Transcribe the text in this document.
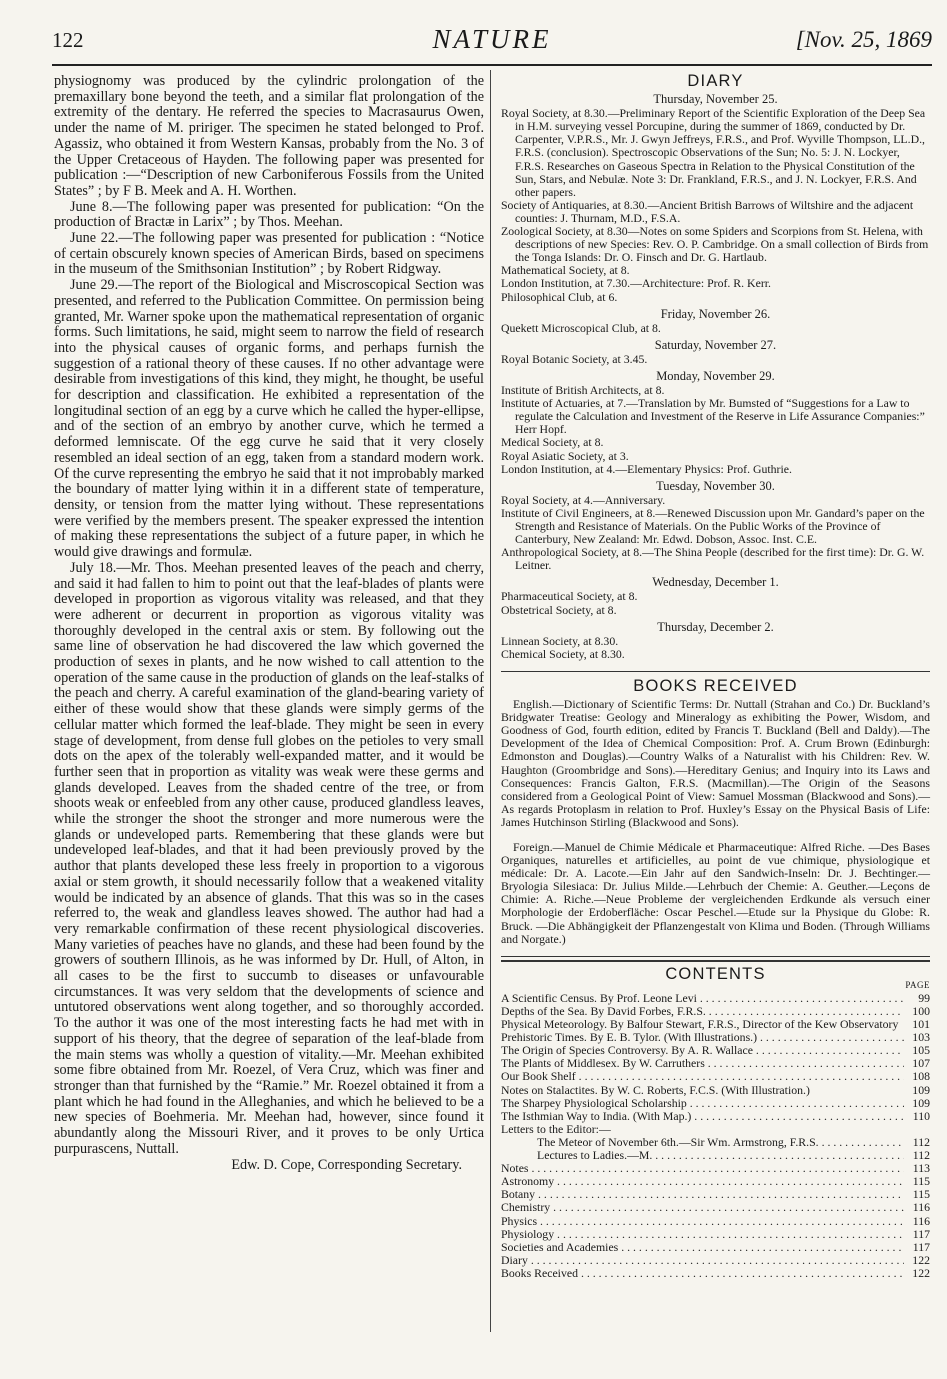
122	NATURE	[Nov. 25, 1869

physiognomy was produced by the cylindric prolongation of the premaxillary bone beyond the teeth, and a similar flat prolongation of the extremity of the dentary. He referred the species to Macrasaurus Owen, under the name of M. pririger. The specimen he stated belonged to Prof. Agassiz, who obtained it from Western Kansas, probably from the No. 3 of the Upper Cretaceous of Hayden. The following paper was presented for publication :—“Description of new Carboniferous Fossils from the United States” ; by F B. Meek and A. H. Worthen.

June 8.—The following paper was presented for publication: “On the production of Bractæ in Larix” ; by Thos. Meehan.

June 22.—The following paper was presented for publication : “Notice of certain obscurely known species of American Birds, based on specimens in the museum of the Smithsonian Institution” ; by Robert Ridgway.

June 29.—The report of the Biological and Miscroscopical Section was presented, and referred to the Publication Committee. On permission being granted, Mr. Warner spoke upon the mathematical representation of organic forms. Such limitations, he said, might seem to narrow the field of research into the physical causes of organic forms, and perhaps furnish the suggestion of a rational theory of these causes. If no other advantage were desirable from investigations of this kind, they might, he thought, be useful for description and classification. He exhibited a representation of the longitudinal section of an egg by a curve which he called the hyper-ellipse, and of the section of an embryo by another curve, which he termed a deformed lemniscate. Of the egg curve he said that it very closely resembled an ideal section of an egg, taken from a standard modern work. Of the curve representing the embryo he said that it not improbably marked the boundary of matter lying within it in a different state of temperature, density, or tension from the matter lying without. These representations were verified by the members present. The speaker expressed the intention of making these representations the subject of a future paper, in which he would give drawings and formulæ.

July 18.—Mr. Thos. Meehan presented leaves of the peach and cherry, and said it had fallen to him to point out that the leaf-blades of plants were developed in proportion as vigorous vitality was released, and that they were adherent or decurrent in proportion as vigorous vitality was thoroughly developed in the central axis or stem. By following out the same line of observation he had discovered the law which governed the production of sexes in plants, and he now wished to call attention to the operation of the same cause in the production of glands on the leaf-stalks of the peach and cherry. A careful examination of the gland-bearing variety of either of these would show that these glands were simply germs of the cellular matter which formed the leaf-blade. They might be seen in every stage of development, from dense full globes on the petioles to very small dots on the apex of the tolerably well-expanded matter, and it would be further seen that in proportion as vitality was weak were these germs and glands developed. Leaves from the shaded centre of the tree, or from shoots weak or enfeebled from any other cause, produced glandless leaves, while the stronger the shoot the stronger and more numerous were the glands or undeveloped parts. Remembering that these glands were but undeveloped leaf-blades, and that it had been previously proved by the author that plants developed these less freely in proportion to a vigorous axial or stem growth, it should necessarily follow that a weakened vitality would be indicated by an absence of glands. That this was so in the cases referred to, the weak and glandless leaves showed. The author had had a very remarkable confirmation of these recent physiological discoveries. Many varieties of peaches have no glands, and these had been found by the growers of southern Illinois, as he was informed by Dr. Hull, of Alton, in all cases to be the first to succumb to diseases or unfavourable circumstances. It was very seldom that the developments of science and untutored observations went along together, and so thoroughly accorded. To the author it was one of the most interesting facts he had met with in support of his theory, that the degree of separation of the leaf-blade from the main stems was wholly a question of vitality.—Mr. Meehan exhibited some fibre obtained from Mr. Roezel, of Vera Cruz, which was finer and stronger than that furnished by the “Ramie.” Mr. Roezel obtained it from a plant which he had found in the Alleghanies, and which he believed to be a new species of Boehmeria. Mr. Meehan had, however, since found it abundantly along the Missouri River, and it proves to be only Urtica purpurascens, Nuttall.

Edw. D. Cope, Corresponding Secretary.

DIARY
Thursday, November 25.

Royal Society, at 8.30.—Preliminary Report of the Scientific Exploration of the Deep Sea in H.M. surveying vessel Porcupine, during the summer of 1869, conducted by Dr. Carpenter, V.P.R.S., Mr. J. Gwyn Jeffreys, F.R.S., and Prof. Wyville Thompson, LL.D., F.R.S. (conclusion). Spectroscopic Observations of the Sun; No. 5: J. N. Lockyer, F.R.S. Researches on Gaseous Spectra in Relation to the Physical Constitution of the Sun, Stars, and Nebulæ. Note 3: Dr. Frankland, F.R.S., and J. N. Lockyer, F.R.S. And other papers.

Society of Antiquaries, at 8.30.—Ancient British Barrows of Wiltshire and the adjacent counties: J. Thurnam, M.D., F.S.A.

Zoological Society, at 8.30—Notes on some Spiders and Scorpions from St. Helena, with descriptions of new Species: Rev. O. P. Cambridge. On a small collection of Birds from the Tonga Islands: Dr. O. Finsch and Dr. G. Hartlaub.

Mathematical Society, at 8.

London Institution, at 7.30.—Architecture: Prof. R. Kerr.

Philosophical Club, at 6.

Friday, November 26.

Quekett Microscopical Club, at 8.

Saturday, November 27.

Royal Botanic Society, at 3.45.

Monday, November 29.

Institute of British Architects, at 8.

Institute of Actuaries, at 7.—Translation by Mr. Bumsted of “Suggestions for a Law to regulate the Calculation and Investment of the Reserve in Life Assurance Companies:” Herr Hopf.

Medical Society, at 8.

Royal Asiatic Society, at 3.

London Institution, at 4.—Elementary Physics: Prof. Guthrie.

Tuesday, November 30.

Royal Society, at 4.—Anniversary.

Institute of Civil Engineers, at 8.—Renewed Discussion upon Mr. Gandard’s paper on the Strength and Resistance of Materials. On the Public Works of the Province of Canterbury, New Zealand: Mr. Edwd. Dobson, Assoc. Inst. C.E.

Anthropological Society, at 8.—The Shina People (described for the first time): Dr. G. W. Leitner.

Wednesday, December 1.

Pharmaceutical Society, at 8.

Obstetrical Society, at 8.

Thursday, December 2.

Linnean Society, at 8.30.

Chemical Society, at 8.30.

BOOKS RECEIVED

English.—Dictionary of Scientific Terms: Dr. Nuttall (Strahan and Co.) Dr. Buckland’s Bridgwater Treatise: Geology and Mineralogy as exhibiting the Power, Wisdom, and Goodness of God, fourth edition, edited by Francis T. Buckland (Bell and Daldy).—The Development of the Idea of Chemical Composition: Prof. A. Crum Brown (Edinburgh: Edmonston and Douglas).—Country Walks of a Naturalist with his Children: Rev. W. Haughton (Groombridge and Sons).—Hereditary Genius; and Inquiry into its Laws and Consequences: Francis Galton, F.R.S. (Macmillan).—The Origin of the Seasons considered from a Geological Point of View: Samuel Mossman (Blackwood and Sons).—As regards Protoplasm in relation to Prof. Huxley’s Essay on the Physical Basis of Life: James Hutchinson Stirling (Blackwood and Sons).

Foreign.—Manuel de Chimie Médicale et Pharmaceutique: Alfred Riche. —Des Bases Organiques, naturelles et artificielles, au point de vue chimique, physiologique et médicale: Dr. A. Lacote.—Ein Jahr auf den Sandwich-Inseln: Dr. J. Bechtinger.—Bryologia Silesiaca: Dr. Julius Milde.—Lehrbuch der Chemie: A. Geuther.—Leçons de Chimie: A. Riche.—Neue Probleme der vergleichenden Erdkunde als versuch einer Morphologie der Erdoberfläche: Oscar Peschel.—Etude sur la Physique du Globe: R. Bruck. —Die Abhängigkeit der Pflanzengestalt von Klima und Boden. (Through Williams and Norgate.)

CONTENTS
PAGE
A Scientific Census. By Prof. Leone Levi . . .	99
Depths of the Sea. By David Forbes, F.R.S. . . .	100
Physical Meteorology. By Balfour Stewart, F.R.S., Director of the Kew Observatory	101
Prehistoric Times. By E. B. Tylor. (With Illustrations.) . . .	103
The Origin of Species Controversy. By A. R. Wallace . . .	105
The Plants of Middlesex. By W. Carruthers . . .	107
Our Book Shelf . . .	108
Notes on Stalactites. By W. C. Roberts, F.C.S. (With Illustration.)	109
The Sharpey Physiological Scholarship . . .	109
The Isthmian Way to India. (With Map.) . . .	110
Letters to the Editor:—
The Meteor of November 6th.—Sir Wm. Armstrong, F.R.S. . . .	112
Lectures to Ladies.—M. . . .	112
Notes . . .	113
Astronomy . . .	115
Botany . . .	115
Chemistry . . .	116
Physics . . .	116
Physiology . . .	117
Societies and Academies . . .	117
Diary . . .	122
Books Received . . .	122
